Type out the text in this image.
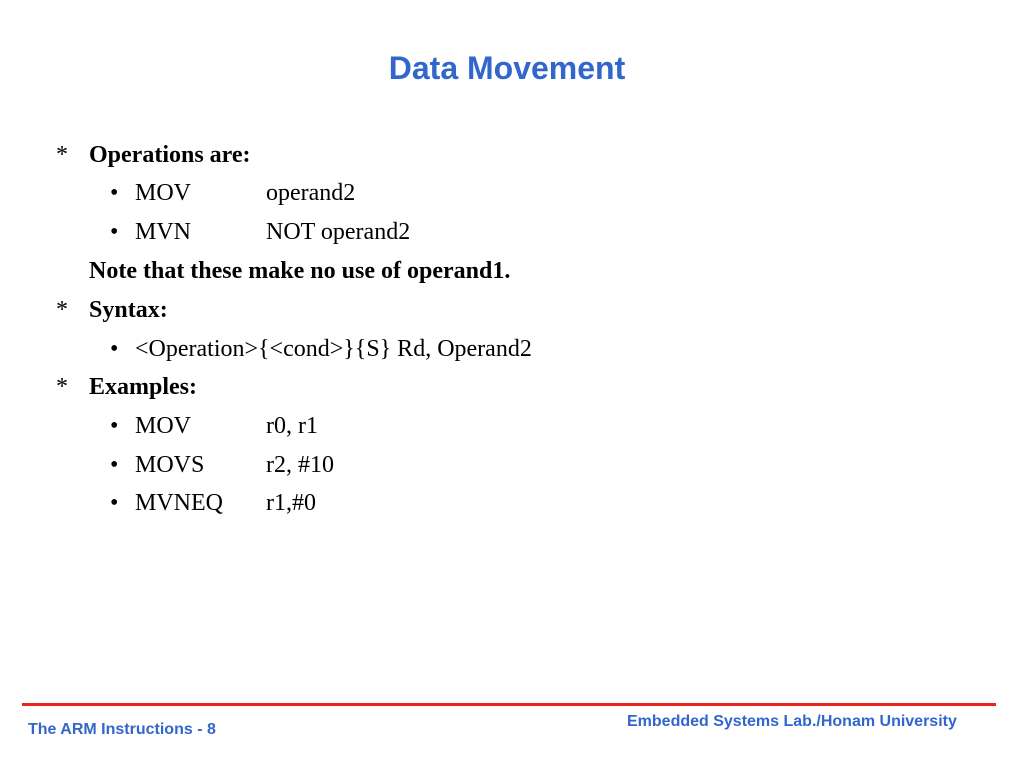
Data Movement
* Operations are:
• MOV	operand2
• MVN	NOT operand2
Note that these make no use of operand1.
* Syntax:
• <Operation>{<cond>}{S} Rd, Operand2
* Examples:
• MOV	r0, r1
• MOVS	r2, #10
• MVNEQ r1,#0
The ARM Instructions - 8	Embedded Systems Lab./Honam University
